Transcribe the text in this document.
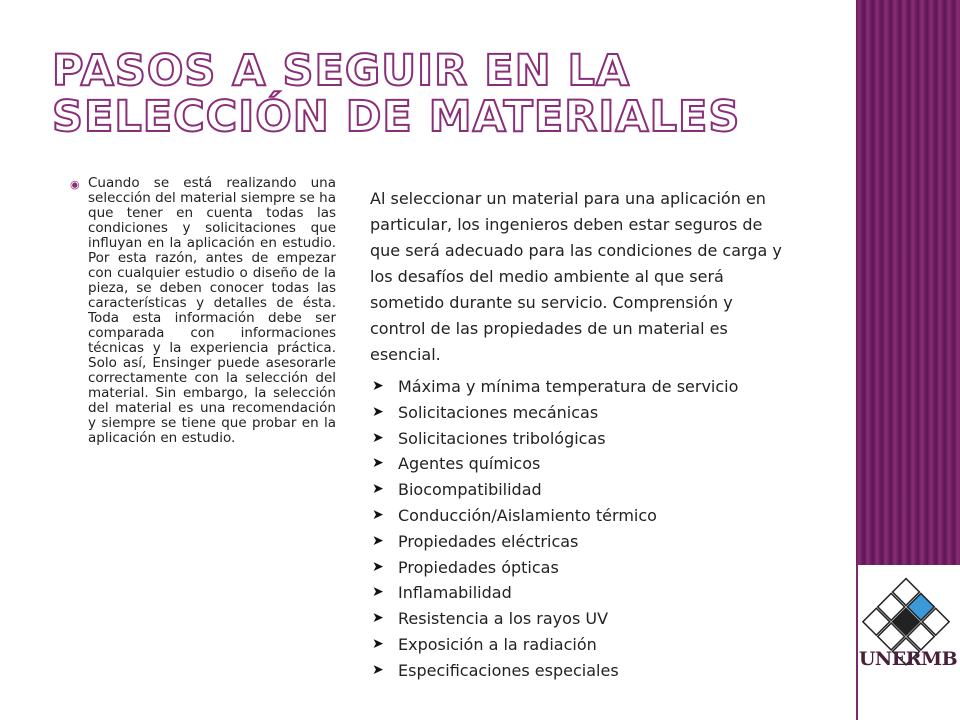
PASOS A SEGUIR EN LA SELECCIÓN DE MATERIALES
◉ Cuando se está realizando una selección del material siempre se ha que tener en cuenta todas las condiciones y solicitaciones que influyan en la aplicación en estudio. Por esta razón, antes de empezar con cualquier estudio o diseño de la pieza, se deben conocer todas las características y detalles de ésta. Toda esta información debe ser comparada con informaciones técnicas y la experiencia práctica. Solo así, Ensinger puede asesorarle correctamente con la selección del material. Sin embargo, la selección del material es una recomendación y siempre se tiene que probar en la aplicación en estudio.

Al seleccionar un material para una aplicación en particular, los ingenieros deben estar seguros de que será adecuado para las condiciones de carga y los desafíos del medio ambiente al que será sometido durante su servicio. Comprensión y control de las propiedades de un material es esencial.

➤ Máxima y mínima temperatura de servicio
➤ Solicitaciones mecánicas
➤ Solicitaciones tribológicas
➤ Agentes químicos
➤ Biocompatibilidad
➤ Conducción/Aislamiento térmico
➤ Propiedades eléctricas
➤ Propiedades ópticas
➤ Inflamabilidad
➤ Resistencia a los rayos UV
➤ Exposición a la radiación
➤ Especificaciones especiales
UNERMB
